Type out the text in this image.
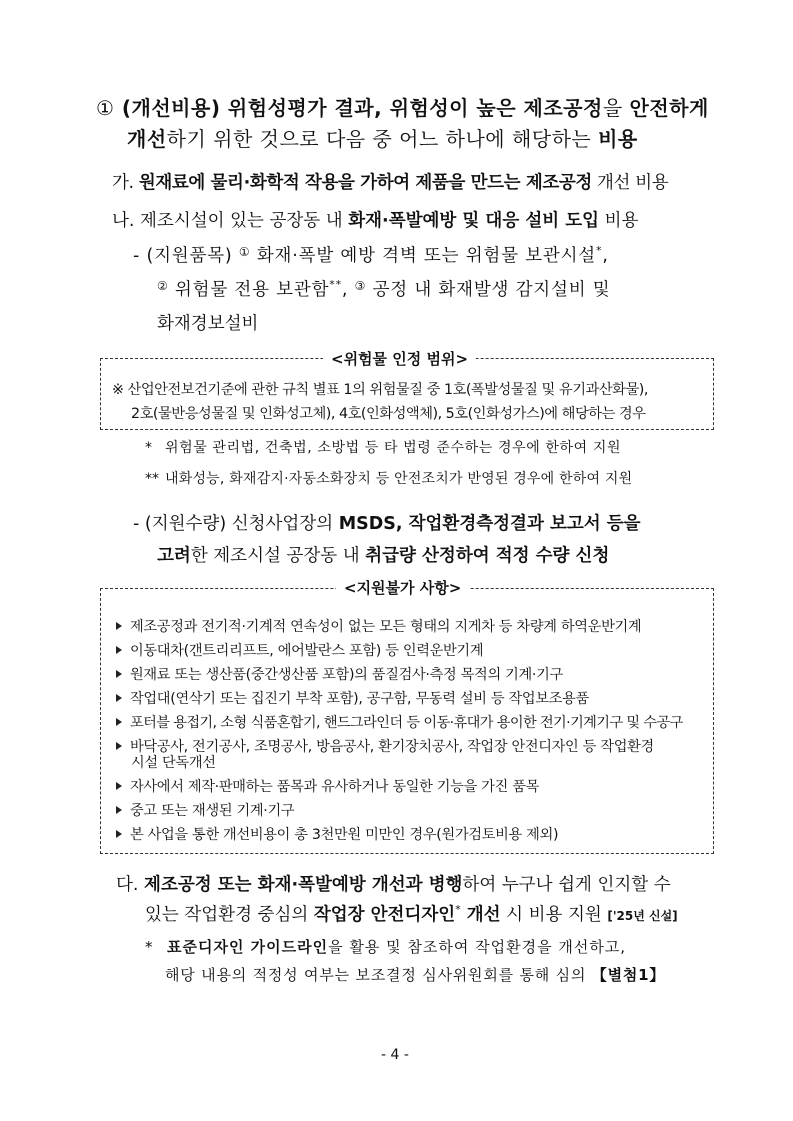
① (개선비용) 위험성평가 결과, 위험성이 높은 제조공정을 안전하게
개선하기 위한 것으로 다음 중 어느 하나에 해당하는 비용
가. 원재료에 물리·화학적 작용을 가하여 제품을 만드는 제조공정 개선 비용
나. 제조시설이 있는 공장동 내 화재·폭발예방 및 대응 설비 도입 비용
- (지원품목) ① 화재·폭발 예방 격벽 또는 위험물 보관시설*,
② 위험물 전용 보관함**, ③ 공정 내 화재발생 감지설비 및
화재경보설비
<위험물 인정 범위>
※ 산업안전보건기준에 관한 규칙 별표 1의 위험물질 중 1호(폭발성물질 및 유기과산화물),
2호(물반응성물질 및 인화성고체), 4호(인화성액체), 5호(인화성가스)에 해당하는 경우
* 위험물 관리법, 건축법, 소방법 등 타 법령 준수하는 경우에 한하여 지원
** 내화성능, 화재감지·자동소화장치 등 안전조치가 반영된 경우에 한하여 지원
- (지원수량) 신청사업장의 MSDS, 작업환경측정결과 보고서 등을
고려한 제조시설 공장동 내 취급량 산정하여 적정 수량 신청
<지원불가 사항>
제조공정과 전기적·기계적 연속성이 없는 모든 형태의 지게차 등 차량계 하역운반기계
이동대차(갠트리리프트, 에어발란스 포함) 등 인력운반기계
원재료 또는 생산품(중간생산품 포함)의 품질검사·측정 목적의 기계·기구
작업대(연삭기 또는 집진기 부착 포함), 공구함, 무동력 설비 등 작업보조용품
포터블 용접기, 소형 식품혼합기, 핸드그라인더 등 이동·휴대가 용이한 전기·기계기구 및 수공구
바닥공사, 전기공사, 조명공사, 방음공사, 환기장치공사, 작업장 안전디자인 등 작업환경
시설 단독개선
자사에서 제작·판매하는 품목과 유사하거나 동일한 기능을 가진 품목
중고 또는 재생된 기계·기구
본 사업을 통한 개선비용이 총 3천만원 미만인 경우(원가검토비용 제외)
다. 제조공정 또는 화재·폭발예방 개선과 병행하여 누구나 쉽게 인지할 수
있는 작업환경 중심의 작업장 안전디자인* 개선 시 비용 지원 ['25년 신설]
* 표준디자인 가이드라인을 활용 및 참조하여 작업환경을 개선하고,
해당 내용의 적정성 여부는 보조결정 심사위원회를 통해 심의 【별첨1】
- 4 -
